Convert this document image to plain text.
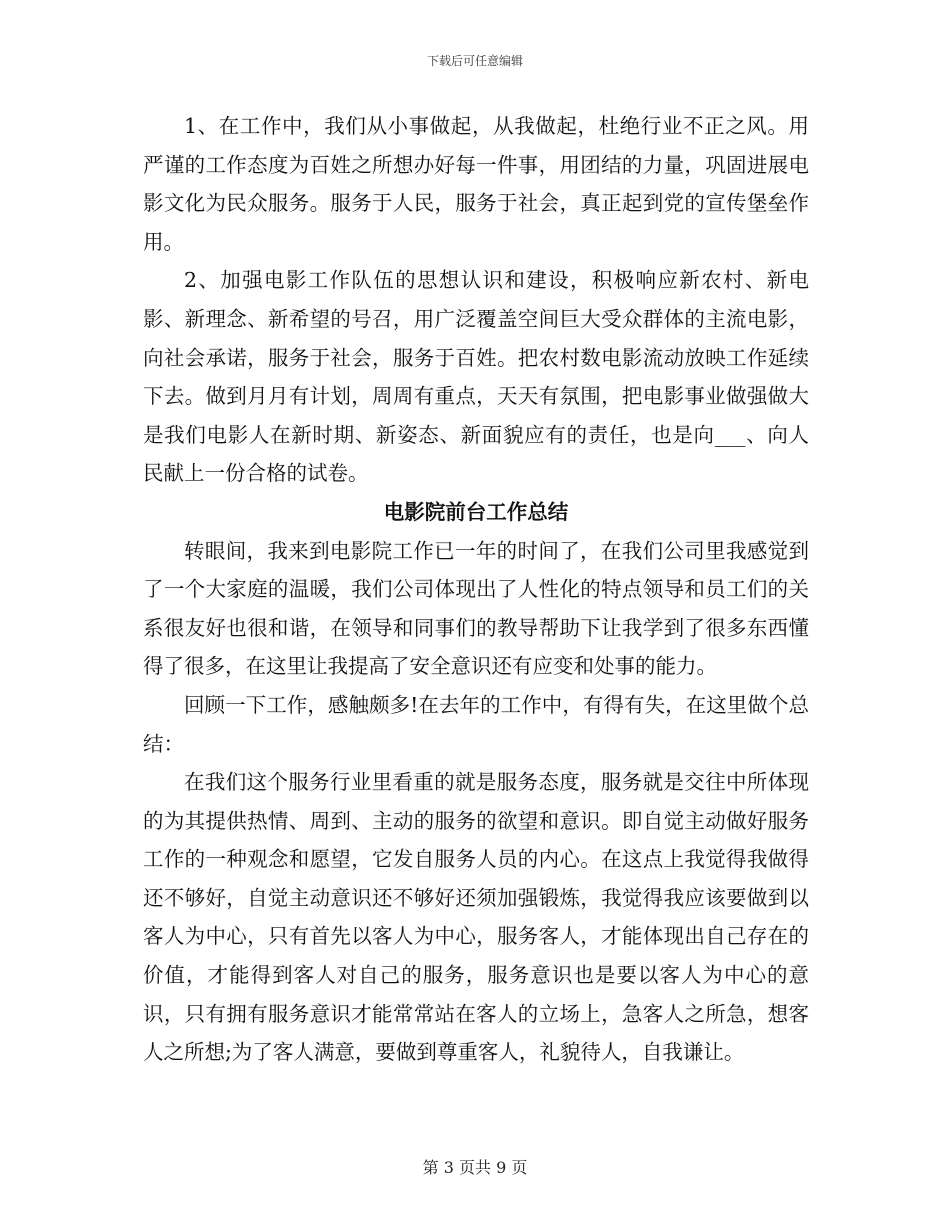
下载后可任意编辑

1、在工作中，我们从小事做起，从我做起，杜绝行业不正之风。用严谨的工作态度为百姓之所想办好每一件事，用团结的力量，巩固进展电影文化为民众服务。服务于人民，服务于社会，真正起到党的宣传堡垒作用。

2、加强电影工作队伍的思想认识和建设，积极响应新农村、新电影、新理念、新希望的号召，用广泛覆盖空间巨大受众群体的主流电影，向社会承诺，服务于社会，服务于百姓。把农村数电影流动放映工作延续下去。做到月月有计划，周周有重点，天天有氛围，把电影事业做强做大是我们电影人在新时期、新姿态、新面貌应有的责任，也是向___、向人民献上一份合格的试卷。

电影院前台工作总结

转眼间，我来到电影院工作已一年的时间了，在我们公司里我感觉到了一个大家庭的温暖，我们公司体现出了人性化的特点领导和员工们的关系很友好也很和谐，在领导和同事们的教导帮助下让我学到了很多东西懂得了很多，在这里让我提高了安全意识还有应变和处事的能力。

回顾一下工作，感触颇多!在去年的工作中，有得有失，在这里做个总结：

在我们这个服务行业里看重的就是服务态度，服务就是交往中所体现的为其提供热情、周到、主动的服务的欲望和意识。即自觉主动做好服务工作的一种观念和愿望，它发自服务人员的内心。在这点上我觉得我做得还不够好，自觉主动意识还不够好还须加强锻炼，我觉得我应该要做到以客人为中心，只有首先以客人为中心，服务客人，才能体现出自己存在的价值，才能得到客人对自己的服务，服务意识也是要以客人为中心的意识，只有拥有服务意识才能常常站在客人的立场上，急客人之所急，想客人之所想;为了客人满意，要做到尊重客人，礼貌待人，自我谦让。

第 3 页共 9 页
